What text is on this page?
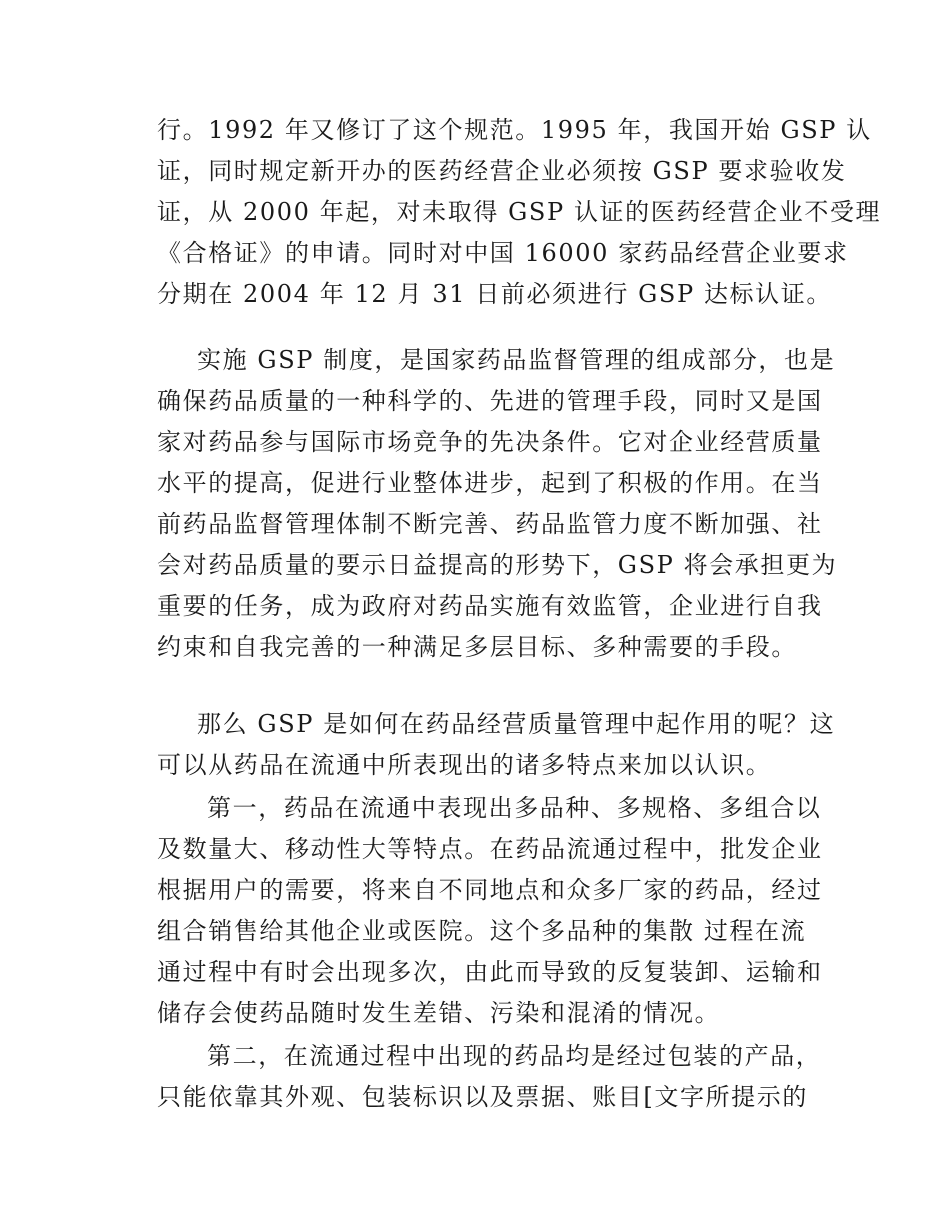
行。1992 年又修订了这个规范。1995 年，我国开始 GSP 认
证，同时规定新开办的医药经营企业必须按 GSP 要求验收发
证，从 2000 年起，对未取得 GSP 认证的医药经营企业不受理
《合格证》的申请。同时对中国 16000 家药品经营企业要求
分期在 2004 年 12 月 31 日前必须进行 GSP 达标认证。
实施 GSP 制度，是国家药品监督管理的组成部分，也是
确保药品质量的一种科学的、先进的管理手段，同时又是国
家对药品参与国际市场竞争的先决条件。它对企业经营质量
水平的提高，促进行业整体进步，起到了积极的作用。在当
前药品监督管理体制不断完善、药品监管力度不断加强、社
会对药品质量的要示日益提高的形势下，GSP 将会承担更为
重要的任务，成为政府对药品实施有效监管，企业进行自我
约束和自我完善的一种满足多层目标、多种需要的手段。
那么 GSP 是如何在药品经营质量管理中起作用的呢？这
可以从药品在流通中所表现出的诸多特点来加以认识。
第一，药品在流通中表现出多品种、多规格、多组合以
及数量大、移动性大等特点。在药品流通过程中，批发企业
根据用户的需要，将来自不同地点和众多厂家的药品，经过
组合销售给其他企业或医院。这个多品种的集散 过程在流
通过程中有时会出现多次，由此而导致的反复装卸、运输和
储存会使药品随时发生差错、污染和混淆的情况。
第二，在流通过程中出现的药品均是经过包装的产品，
只能依靠其外观、包装标识以及票据、账目[文字所提示的
